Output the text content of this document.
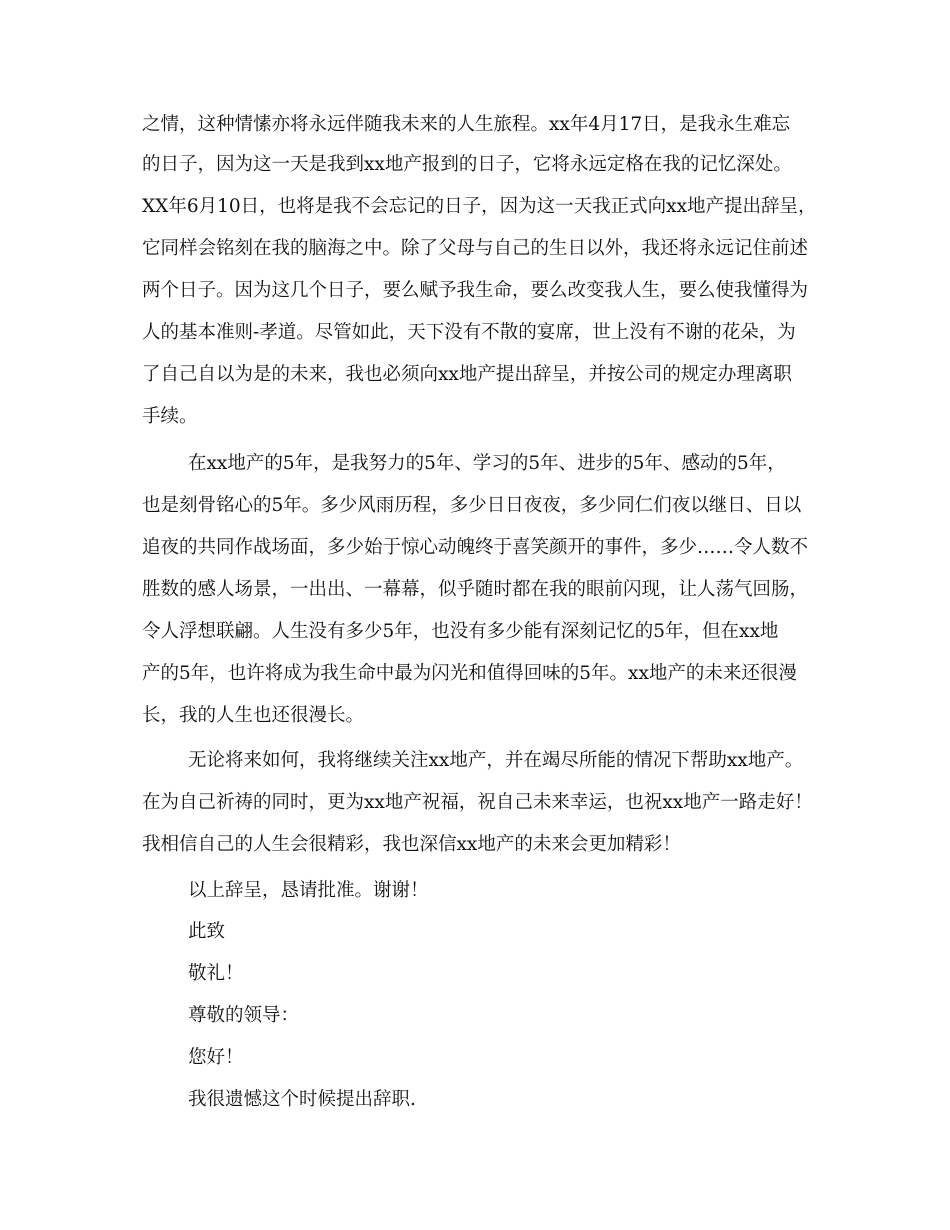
之情，这种情愫亦将永远伴随我未来的人生旅程。xx年4月17日，是我永生难忘
的日子，因为这一天是我到xx地产报到的日子，它将永远定格在我的记忆深处。
XX年6月10日，也将是我不会忘记的日子，因为这一天我正式向xx地产提出辞呈，
它同样会铭刻在我的脑海之中。除了父母与自己的生日以外，我还将永远记住前述
两个日子。因为这几个日子，要么赋予我生命，要么改变我人生，要么使我懂得为
人的基本准则-孝道。尽管如此，天下没有不散的宴席，世上没有不谢的花朵，为
了自己自以为是的未来，我也必须向xx地产提出辞呈，并按公司的规定办理离职
手续。
在xx地产的5年，是我努力的5年、学习的5年、进步的5年、感动的5年，
也是刻骨铭心的5年。多少风雨历程，多少日日夜夜，多少同仁们夜以继日、日以
追夜的共同作战场面，多少始于惊心动魄终于喜笑颜开的事件，多少……令人数不
胜数的感人场景，一出出、一幕幕，似乎随时都在我的眼前闪现，让人荡气回肠，
令人浮想联翩。人生没有多少5年，也没有多少能有深刻记忆的5年，但在xx地
产的5年，也许将成为我生命中最为闪光和值得回味的5年。xx地产的未来还很漫
长，我的人生也还很漫长。
无论将来如何，我将继续关注xx地产，并在竭尽所能的情况下帮助xx地产。
在为自己祈祷的同时，更为xx地产祝福，祝自己未来幸运，也祝xx地产一路走好！
我相信自己的人生会很精彩，我也深信xx地产的未来会更加精彩！
以上辞呈，恳请批准。谢谢！
此致
敬礼！
尊敬的领导：
您好！
我很遗憾这个时候提出辞职.
